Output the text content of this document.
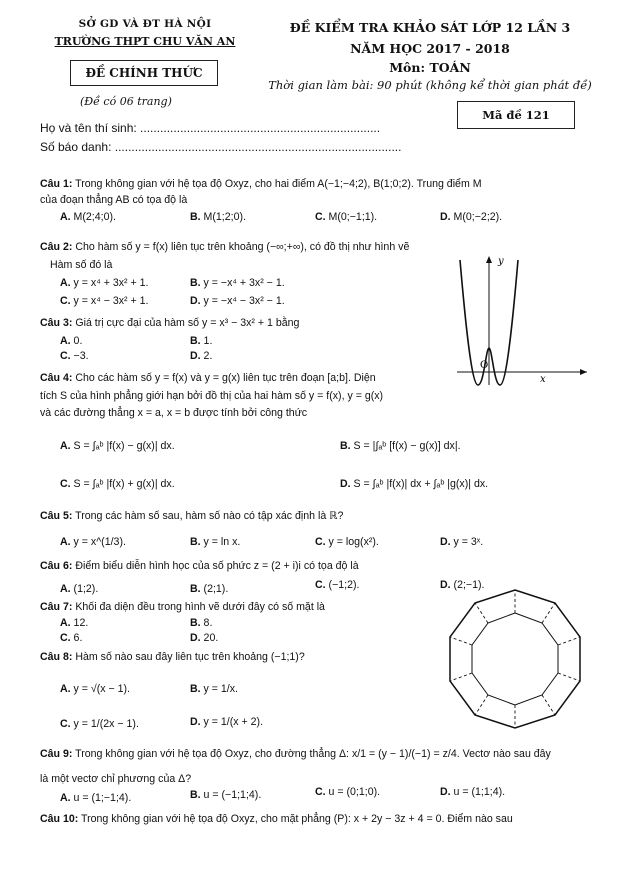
SỞ GD VÀ ĐT HÀ NỘI
TRƯỜNG THPT CHU VĂN AN
ĐỀ CHÍNH THỨC
(Đề có 06 trang)
ĐỀ KIỂM TRA KHẢO SÁT LỚP 12 LẦN 3
NĂM HỌC 2017 - 2018
Môn: TOÁN
Thời gian làm bài: 90 phút (không kể thời gian phát đề)
Mã đề 121
Họ và tên thí sinh: ........................................................................
Số báo danh: ......................................................................................
Câu 1: Trong không gian với hệ tọa độ Oxyz, cho hai điểm A(−1;−4;2), B(1;0;2). Trung điểm M
của đoạn thẳng AB có tọa độ là
A. M(2;4;0).	B. M(1;2;0).	C. M(0;−1;1).	D. M(0;−2;2).
Câu 2: Cho hàm số y = f(x) liên tục trên khoảng (−∞;+∞), có đồ thị như hình vẽ
Hàm số đó là
A. y = x⁴ + 3x² + 1.	B. y = −x⁴ + 3x² − 1.
C. y = x⁴ − 3x² + 1.	D. y = −x⁴ − 3x² − 1.
y
x
O
Câu 3: Giá trị cực đại của hàm số y = x³ − 3x² + 1 bằng
A. 0.	B. 1.
C. −3.	D. 2.
Câu 4: Cho các hàm số y = f(x) và y = g(x) liên tục trên đoạn [a;b]. Diện
tích S của hình phẳng giới hạn bởi đồ thị của hai hàm số y = f(x), y = g(x)
và các đường thẳng x = a, x = b được tính bởi công thức
A. S = ∫ₐᵇ |f(x) − g(x)| dx.	B. S = |∫ₐᵇ [f(x) − g(x)] dx|.
C. S = ∫ₐᵇ |f(x) + g(x)| dx.	D. S = ∫ₐᵇ |f(x)| dx + ∫ₐᵇ |g(x)| dx.
Câu 5: Trong các hàm số sau, hàm số nào có tập xác định là ℝ?
A. y = x^(1/3).	B. y = ln x.	C. y = log(x²).	D. y = 3ˣ.
Câu 6: Điểm biểu diễn hình học của số phức z = (2 + i)i có tọa độ là
A. (1;2).	B. (2;1).	C. (−1;2).	D. (2;−1).
Câu 7: Khối đa diện đều trong hình vẽ dưới đây có số mặt là
A. 12.	B. 8.
C. 6.	D. 20.
Câu 8: Hàm số nào sau đây liên tục trên khoảng (−1;1)?
A. y = √(x − 1).	B. y = 1/x.
C. y = 1/(2x − 1).	D. y = 1/(x + 2).
Câu 9: Trong không gian với hệ tọa độ Oxyz, cho đường thẳng Δ: x/1 = (y − 1)/(−1) = z/4. Vectơ nào sau đây
là một vectơ chỉ phương của Δ?
A. u = (1;−1;4).	B. u = (−1;1;4).	C. u = (0;1;0).	D. u = (1;1;4).
Câu 10: Trong không gian với hệ tọa độ Oxyz, cho mặt phẳng (P): x + 2y − 3z + 4 = 0. Điểm nào sau
